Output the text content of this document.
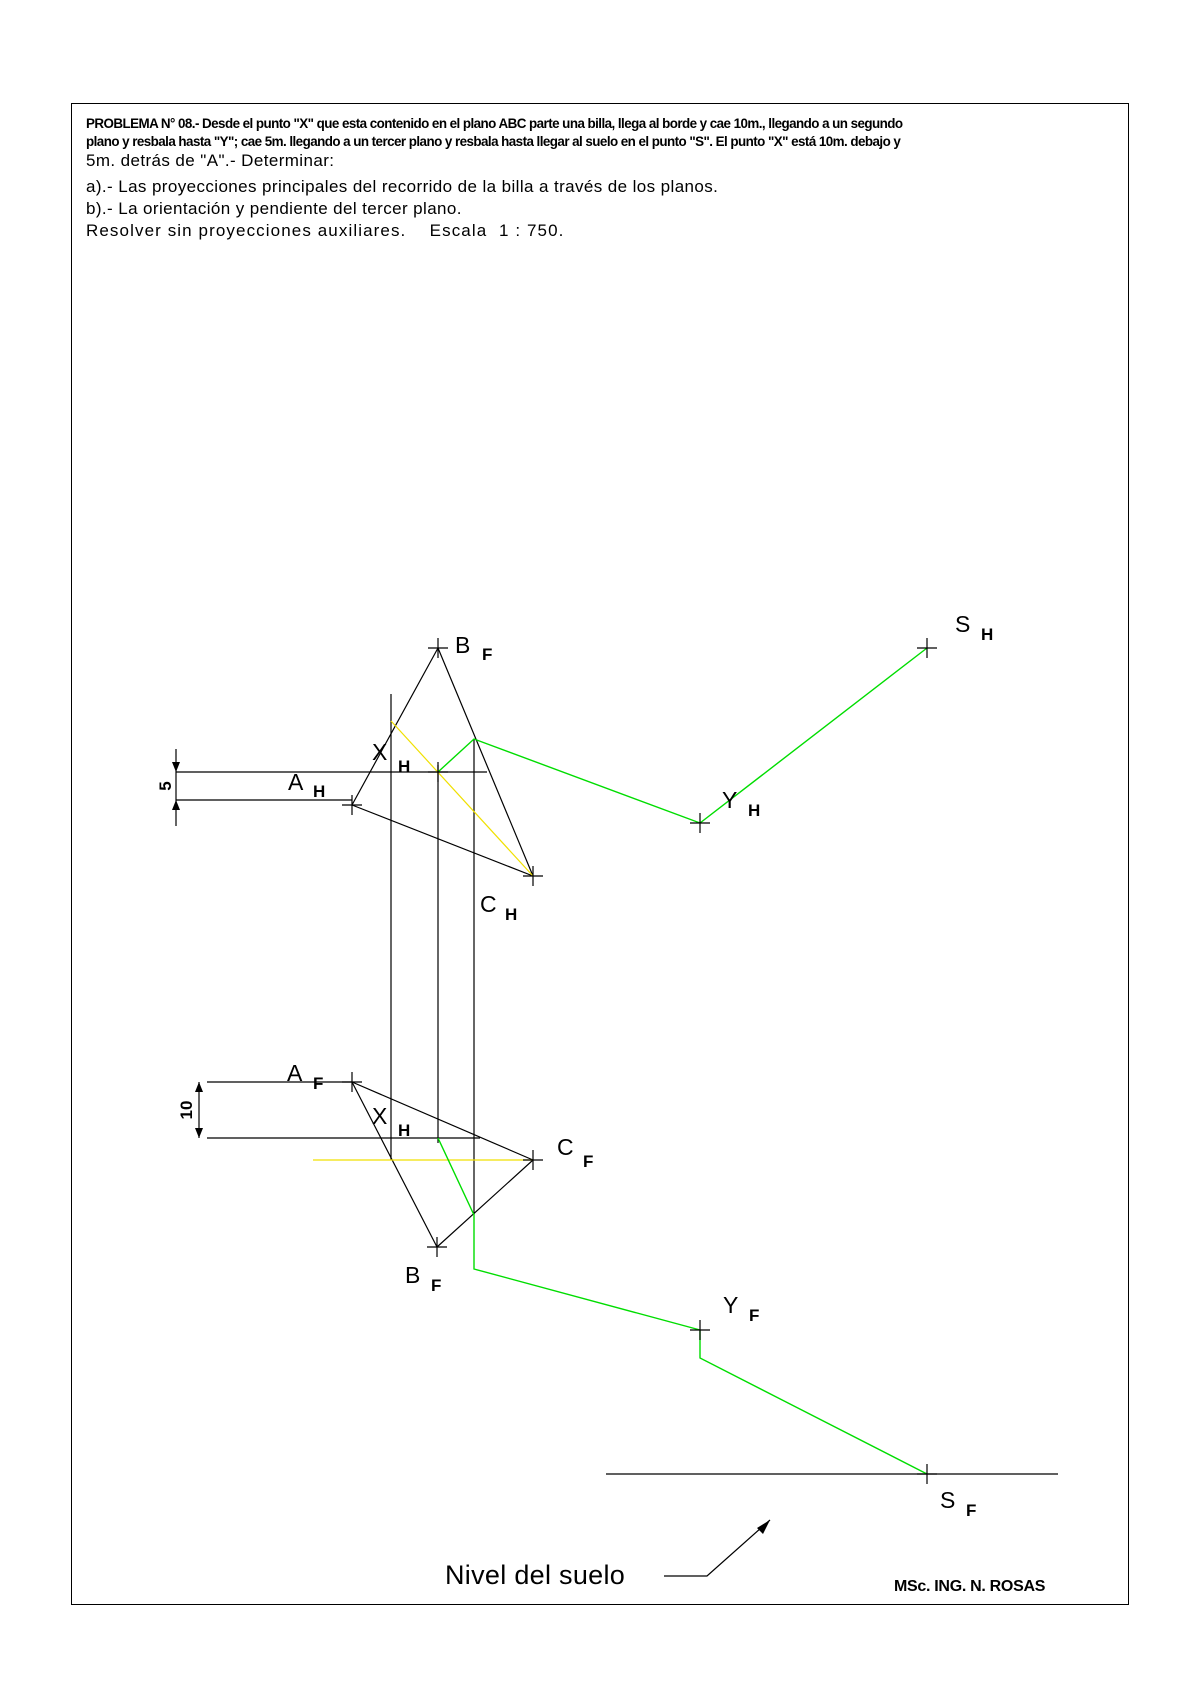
PROBLEMA N° 08.- Desde el punto "X" que esta contenido en el plano ABC parte una billa, llega al borde y cae 10m., llegando a un segundo

plano y resbala hasta "Y"; cae 5m. llegando a un tercer plano y resbala hasta llegar al suelo en el punto "S". El punto "X" está 10m. debajo y

5m. detrás de "A".- Determinar:

a).- Las proyecciones principales del recorrido de la billa a través de los planos.

b).- La orientación y pendiente del tercer plano.

Resolver sin proyecciones auxiliares.    Escala  1 : 750.

B F
X
H
A H
C H
Y H
S H
5
A F
X
H
C
F
B F
Y F
S F
10
Nivel del suelo	MSc. ING. N. ROSAS
